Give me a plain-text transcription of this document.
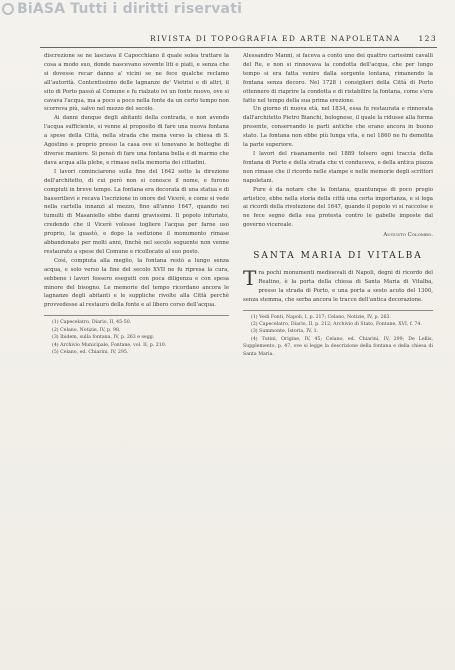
BiASA Tutti i diritti riservati
RIVISTA DI TOPOGRAFIA ED ARTE NAPOLETANA 123

discrezione se ne lasciava il Capocchiano il quale solea trattare la cosa a modo suo, donde nascevano sovente liti e piati, e senza che si dovesse recar danno a' vicini se ne fece qualche reclamo all'autorità. Contentissimo delle lagnanze de' Vietrisi e di altri, il sito di Porto passò al Comune e fu rialzato ivi un fonte nuovo, ove si cavava l'acqua, ma a poco a poco nella fonte da un certo tempo non scorreva più, salvo nel mezzo del secolo.

Ai danni dunque degli abitanti della contrada, e non avendo l'acqua sufficiente, si venne al proposito di fare una nuova fontana a spese della Città, nella strada che mena verso la chiesa di S. Agostino e proprio presso la casa ove si tenevano le botteghe di diverse maniere. Si pensò di fare una fontana bella e di marmo che dava acqua alla plebe, e rimase nella memoria dei cittadini.

I lavori cominciarono sulla fine del 1642 sotto la direzione dell'architetto, di cui però non si conosce il nome, e furono compiuti in breve tempo. La fontana era decorata di una statua e di bassorilievi e recava l'iscrizione in onore del Vicerè, e come si vede nella cartella innanzi al mezzo, fino all'anno 1647, quando nei tumulti di Masaniello ebbe danni gravissimi. Il popolo infuriato, credendo che il Vicerè volesse togliere l'acqua per farne uso proprio, la guastò, e dopo la sedizione il monumento rimase abbandonato per molti anni, finchè nel secolo seguente non venne restaurato a spese del Comune e ricollocato al suo posto.

Così, compiuta alla meglio, la fontana restò a lungo senza acqua, e solo verso la fine del secolo XVII ne fu ripresa la cura, sebbene i lavori fossero eseguiti con poca diligenza e con spesa minore del bisogno. Le memorie del tempo ricordano ancora le lagnanze degli abitanti e le suppliche rivolte alla Città perchè provvedesse al restauro della fonte e al libero corso dell'acqua.

(1) Capecelatro, Diario, II, 45-50.
(2) Celano, Notizie, IV, p. 98.
(3) Ibidem, sulla fontana, IV, p. 263 e segg.
(4) Archivio Municipale, Fontane, vol. II, p. 210.
(5) Celano, ed. Chiarini, IV, 295.

Alessandro Manni, si faceva a conto uno dei quattro carissimi cavalli del Re, e non si rinnovava la condotta dell'acqua, che per lungo tempo si era fatta venire dalla sorgente lontana, rimanendo la fontana senza decoro. Nel 1728 i consiglieri della Città di Porto ottennero di riaprire la condotta e di ristabilire la fontana, come s'era fatto nel tempo della sua prima erezione.

Un giorno di nuova età, nel 1834, essa fu restaurata e rinnovata dall'architetto Pietro Bianchi, bolognese, il quale la ridusse alla forma presente, conservando le parti antiche che erano ancora in buono stato. La fontana non ebbe più lunga vita, e nel 1860 ne fu demolita la parte superiore.

I lavori del risanamento nel 1889 tolsero ogni traccia della fontana di Porto e della strada che vi conduceva, e della antica piazza non rimase che il ricordo nelle stampe e nelle memorie degli scrittori napoletani.

Pure è da notare che la fontana, quantunque di poco pregio artistico, ebbe nella storia della città una certa importanza, e si lega ai ricordi della rivoluzione del 1647, quando il popolo vi si raccolse e ne fece segno della sua protesta contro le gabelle imposte dal governo vicereale.

Augusto Colombo.
SANTA MARIA DI VITALBA

Tra pochi monumenti medioevali di Napoli, degni di ricordo del Reatino, è la porta della chiesa di Santa Maria di Vitalba, presso la strada di Porto, e una porta a sesto acuto del 1300, senza stemma, che serba ancora le tracce dell'antica decorazione.

(1) Vedi Fonti, Napoli, I, p. 217; Celano, Notizie, IV, p. 263.
(2) Capecelatro, Diario, II, p. 212; Archivio di Stato, Fontane, XVI, f. 74.
(3) Summonte, Istoria, IV, 1.
(4) Tutini, Origine, IV, 45; Celano, ed. Chiarini, IV, 299; De Lellis, Supplemento, p. 47, ove si legge la descrizione della fontana e della chiesa di Santa Maria.
